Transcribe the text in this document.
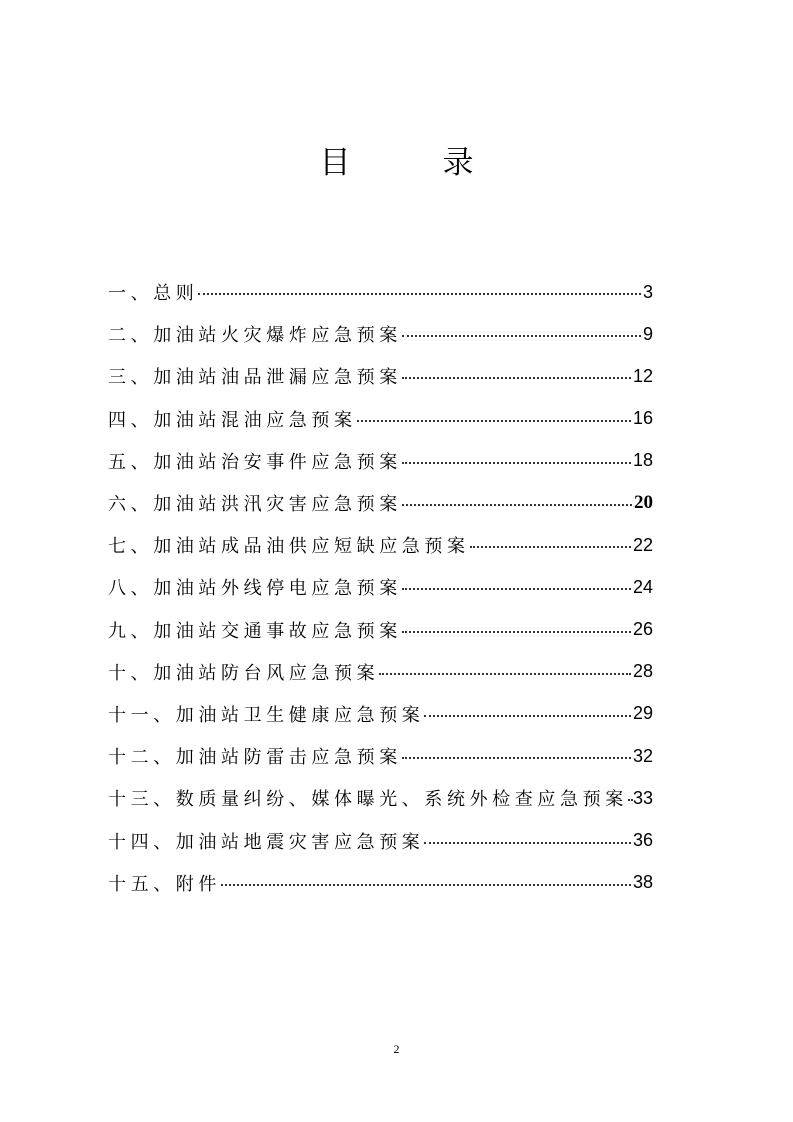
目	录
一、总则	3
二、加油站火灾爆炸应急预案	9
三、加油站油品泄漏应急预案	12
四、加油站混油应急预案	16
五、加油站治安事件应急预案	18
六、加油站洪汛灾害应急预案	20
七、加油站成品油供应短缺应急预案	22
八、加油站外线停电应急预案	24
九、加油站交通事故应急预案	26
十、加油站防台风应急预案	28
十一、加油站卫生健康应急预案	29
十二、加油站防雷击应急预案	32
十三、数质量纠纷、媒体曝光、系统外检查应急预案 33
十四、加油站地震灾害应急预案	36
十五、附件	38
2
